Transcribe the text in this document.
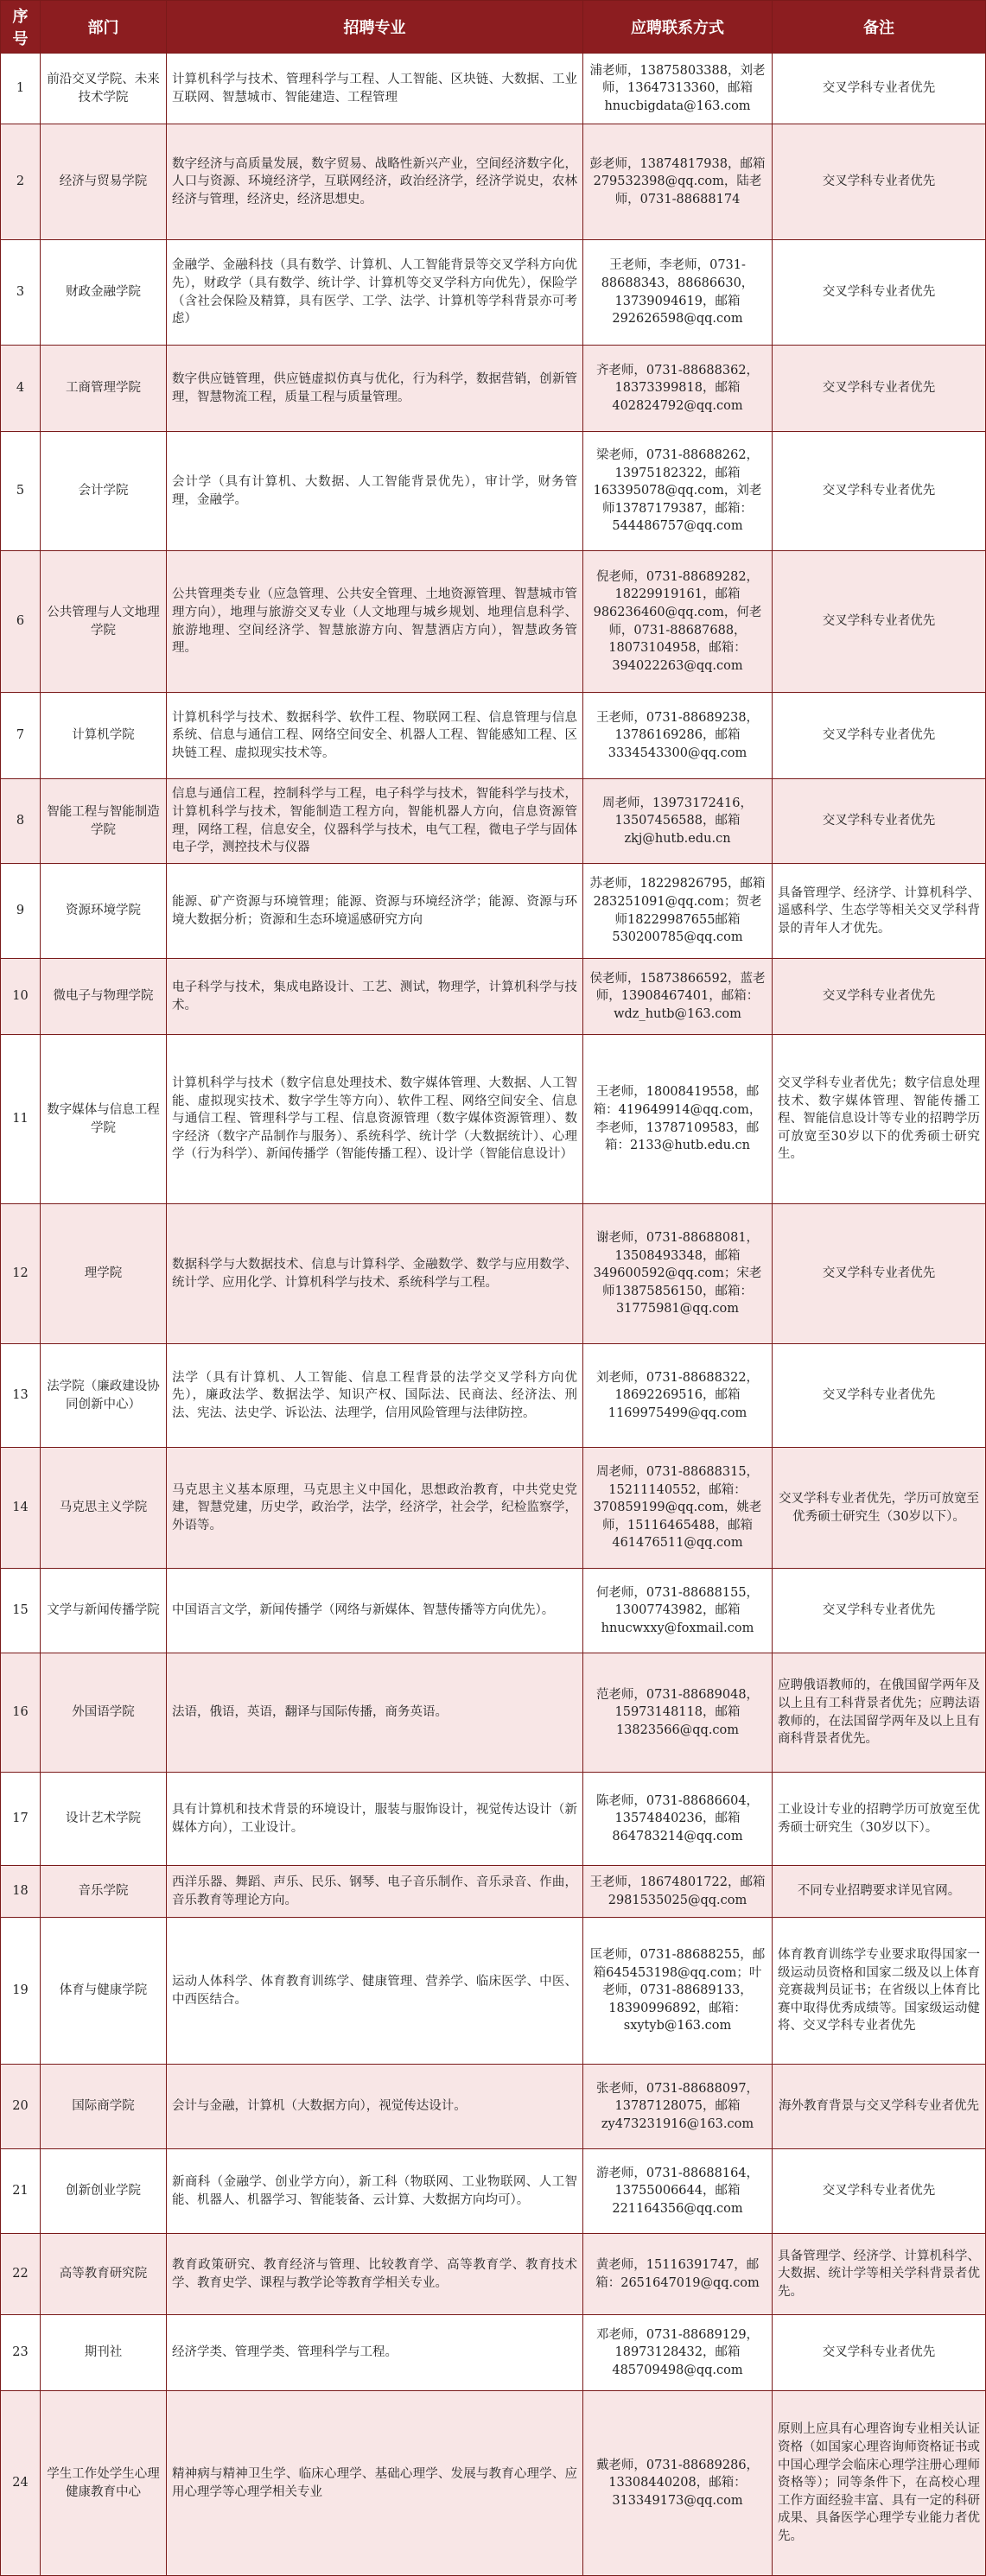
序号	部门	招聘专业	应聘联系方式	备注
1	前沿交叉学院、未来技术学院	计算机科学与技术、管理科学与工程、人工智能、区块链、大数据、工业互联网、智慧城市、智能建造、工程管理	浦老师，13875803388，刘老师，13647313360，邮箱hnucbigdata@163.com	交叉学科专业者优先
2	经济与贸易学院	数字经济与高质量发展，数字贸易、战略性新兴产业，空间经济数字化，人口与资源、环境经济学，互联网经济，政治经济学，经济学说史，农林经济与管理，经济史，经济思想史。	彭老师，13874817938，邮箱279532398@qq.com，陆老师，0731-88688174	交叉学科专业者优先
3	财政金融学院	金融学、金融科技（具有数学、计算机、人工智能背景等交叉学科方向优先），财政学（具有数学、统计学、计算机等交叉学科方向优先），保险学（含社会保险及精算，具有医学、工学、法学、计算机等学科背景亦可考虑）	王老师，李老师，0731-88688343，88686630，13739094619，邮箱292626598@qq.com	交叉学科专业者优先
4	工商管理学院	数字供应链管理，供应链虚拟仿真与优化，行为科学，数据营销，创新管理，智慧物流工程，质量工程与质量管理。	齐老师，0731-88688362，18373399818，邮箱402824792@qq.com	交叉学科专业者优先
5	会计学院	会计学（具有计算机、大数据、人工智能背景优先），审计学，财务管理，金融学。	梁老师，0731-88688262，13975182322，邮箱163395078@qq.com，刘老师13787179387，邮箱：544486757@qq.com	交叉学科专业者优先
6	公共管理与人文地理学院	公共管理类专业（应急管理、公共安全管理、土地资源管理、智慧城市管理方向），地理与旅游交叉专业（人文地理与城乡规划、地理信息科学、旅游地理、空间经济学、智慧旅游方向、智慧酒店方向），智慧政务管理。	倪老师，0731-88689282，18229919161，邮箱986236460@qq.com，何老师，0731-88687688，18073104958，邮箱：394022263@qq.com	交叉学科专业者优先
7	计算机学院	计算机科学与技术、数据科学、软件工程、物联网工程、信息管理与信息系统、信息与通信工程、网络空间安全、机器人工程、智能感知工程、区块链工程、虚拟现实技术等。	王老师，0731-88689238，13786169286，邮箱3334543300@qq.com	交叉学科专业者优先
8	智能工程与智能制造学院	信息与通信工程，控制科学与工程，电子科学与技术，智能科学与技术，计算机科学与技术，智能制造工程方向，智能机器人方向，信息资源管理，网络工程，信息安全，仪器科学与技术，电气工程，微电子学与固体电子学，测控技术与仪器	周老师，13973172416，13507456588，邮箱zkj@hutb.edu.cn	交叉学科专业者优先
9	资源环境学院	能源、矿产资源与环境管理；能源、资源与环境经济学；能源、资源与环境大数据分析；资源和生态环境遥感研究方向	苏老师，18229826795，邮箱283251091@qq.com；贺老师18229987655邮箱530200785@qq.com	具备管理学、经济学、计算机科学、遥感科学、生态学等相关交叉学科背景的青年人才优先。
10	微电子与物理学院	电子科学与技术，集成电路设计、工艺、测试，物理学，计算机科学与技术。	侯老师，15873866592，蓝老师，13908467401，邮箱：wdz_hutb@163.com	交叉学科专业者优先
11	数字媒体与信息工程学院	计算机科学与技术（数字信息处理技术、数字媒体管理、大数据、人工智能、虚拟现实技术、数字学生等方向）、软件工程、网络空间安全、信息与通信工程、管理科学与工程、信息资源管理（数字媒体资源管理）、数字经济（数字产品制作与服务）、系统科学、统计学（大数据统计）、心理学（行为科学）、新闻传播学（智能传播工程）、设计学（智能信息设计）	王老师，18008419558，邮箱：419649914@qq.com，李老师，13787109583，邮箱：2133@hutb.edu.cn	交叉学科专业者优先；数字信息处理技术、数字媒体管理、智能传播工程、智能信息设计等专业的招聘学历可放宽至30岁以下的优秀硕士研究生。
12	理学院	数据科学与大数据技术、信息与计算科学、金融数学、数学与应用数学、统计学、应用化学、计算机科学与技术、系统科学与工程。	谢老师，0731-88688081，13508493348，邮箱349600592@qq.com；宋老师13875856150，邮箱：31775981@qq.com	交叉学科专业者优先
13	法学院（廉政建设协同创新中心）	法学（具有计算机、人工智能、信息工程背景的法学交叉学科方向优先），廉政法学、数据法学、知识产权、国际法、民商法、经济法、刑法、宪法、法史学、诉讼法、法理学，信用风险管理与法律防控。	刘老师，0731-88688322，18692269516，邮箱1169975499@qq.com	交叉学科专业者优先
14	马克思主义学院	马克思主义基本原理，马克思主义中国化，思想政治教育，中共党史党建，智慧党建，历史学，政治学，法学，经济学，社会学，纪检监察学，外语等。	周老师，0731-88688315，15211140552，邮箱：370859199@qq.com，姚老师，15116465488，邮箱461476511@qq.com	交叉学科专业者优先，学历可放宽至优秀硕士研究生（30岁以下）。
15	文学与新闻传播学院	中国语言文学，新闻传播学（网络与新媒体、智慧传播等方向优先）。	何老师，0731-88688155，13007743982，邮箱hnucwxxy@foxmail.com	交叉学科专业者优先
16	外国语学院	法语，俄语，英语，翻译与国际传播，商务英语。	范老师，0731-88689048，15973148118，邮箱13823566@qq.com	应聘俄语教师的，在俄国留学两年及以上且有工科背景者优先；应聘法语教师的，在法国留学两年及以上且有商科背景者优先。
17	设计艺术学院	具有计算机和技术背景的环境设计，服装与服饰设计，视觉传达设计（新媒体方向），工业设计。	陈老师，0731-88686604，13574840236，邮箱864783214@qq.com	工业设计专业的招聘学历可放宽至优秀硕士研究生（30岁以下）。
18	音乐学院	西洋乐器、舞蹈、声乐、民乐、钢琴、电子音乐制作、音乐录音、作曲，音乐教育等理论方向。	王老师，18674801722，邮箱2981535025@qq.com	不同专业招聘要求详见官网。
19	体育与健康学院	运动人体科学、体育教育训练学、健康管理、营养学、临床医学、中医、中西医结合。	匡老师，0731-88688255，邮箱645453198@qq.com；叶老师，0731-88689133，18390996892，邮箱：sxytyb@163.com	体育教育训练学专业要求取得国家一级运动员资格和国家二级及以上体育竞赛裁判员证书；在省级以上体育比赛中取得优秀成绩等。国家级运动健将、交叉学科专业者优先
20	国际商学院	会计与金融，计算机（大数据方向），视觉传达设计。	张老师，0731-88688097，13787128075，邮箱zy473231916@163.com	海外教育背景与交叉学科专业者优先
21	创新创业学院	新商科（金融学、创业学方向），新工科（物联网、工业物联网、人工智能、机器人、机器学习、智能装备、云计算、大数据方向均可）。	游老师，0731-88688164，13755006644，邮箱221164356@qq.com	交叉学科专业者优先
22	高等教育研究院	教育政策研究、教育经济与管理、比较教育学、高等教育学、教育技术学、教育史学、课程与教学论等教育学相关专业。	黄老师，15116391747，邮箱：2651647019@qq.com	具备管理学、经济学、计算机科学、大数据、统计学等相关学科背景者优先。
23	期刊社	经济学类、管理学类、管理科学与工程。	邓老师，0731-88689129，18973128432，邮箱485709498@qq.com	交叉学科专业者优先
24	学生工作处学生心理健康教育中心	精神病与精神卫生学、临床心理学、基础心理学、发展与教育心理学、应用心理学等心理学相关专业	戴老师，0731-88689286，13308440208，邮箱：313349173@qq.com	原则上应具有心理咨询专业相关认证资格（如国家心理咨询师资格证书或中国心理学会临床心理学注册心理师资格等）；同等条件下，在高校心理工作方面经验丰富、具有一定的科研成果、具备医学心理学专业能力者优先。
